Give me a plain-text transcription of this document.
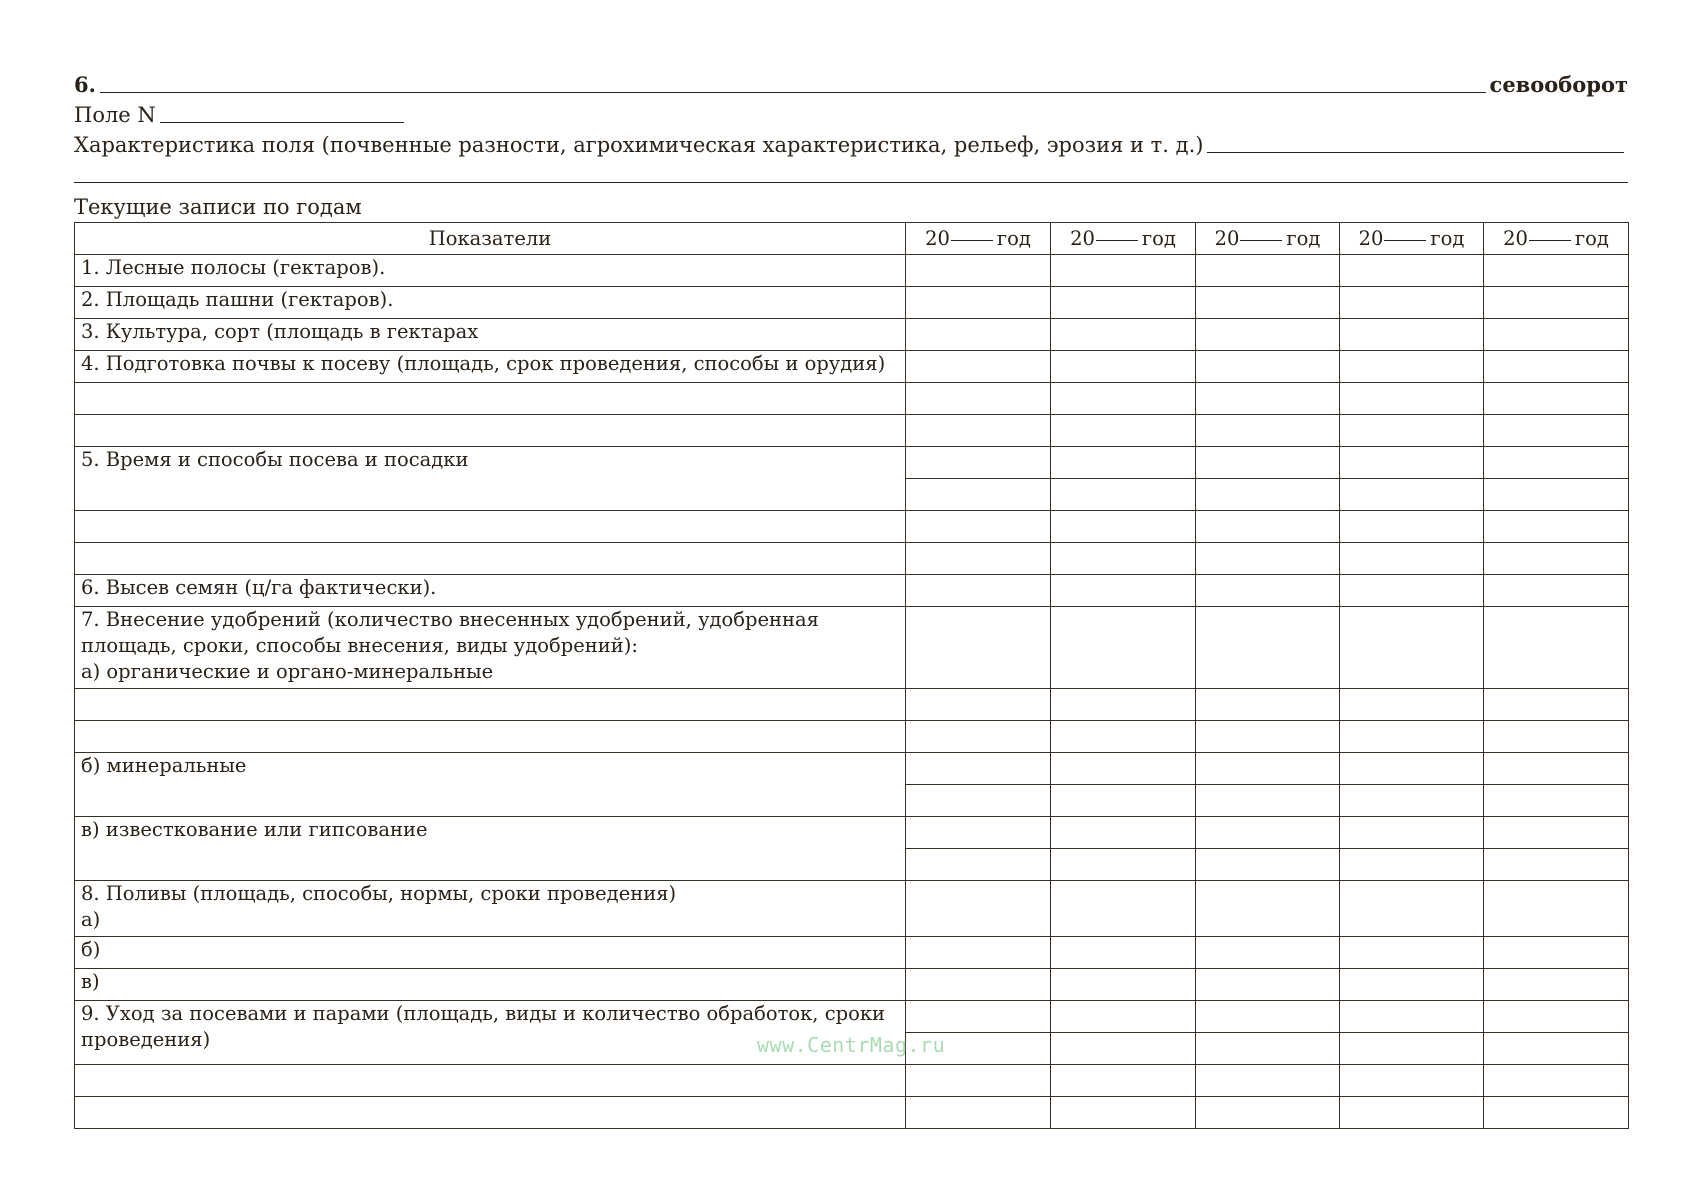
6.	севооборот
Поле N
Характеристика поля (почвенные разности, агрохимическая характеристика, рельеф, эрозия и т. д.)
Текущие записи по годам
Показатели	20 год	20 год	20 год	20 год	20 год
1. Лесные полосы (гектаров).					
2. Площадь пашни (гектаров).					
3. Культура, сорт (площадь в гектарах					
4. Подготовка почвы к посеву (площадь, срок проведения, способы и орудия)					

5. Время и способы посева и посадки					

6. Высев семян (ц/га фактически).					

7. Внесение удобрений (количество внесенных удобрений, удобренная площадь, сроки, способы внесения, виды удобрений):
а) органические и органо-минеральные					

б) минеральные					

в) известкование или гипсование					

8. Поливы (площадь, способы, нормы, сроки проведения)
а)					

б)					
в)					
9. Уход за посевами и парами (площадь, виды и количество обработок, сроки проведения)					

						www.CentrMag.ru
